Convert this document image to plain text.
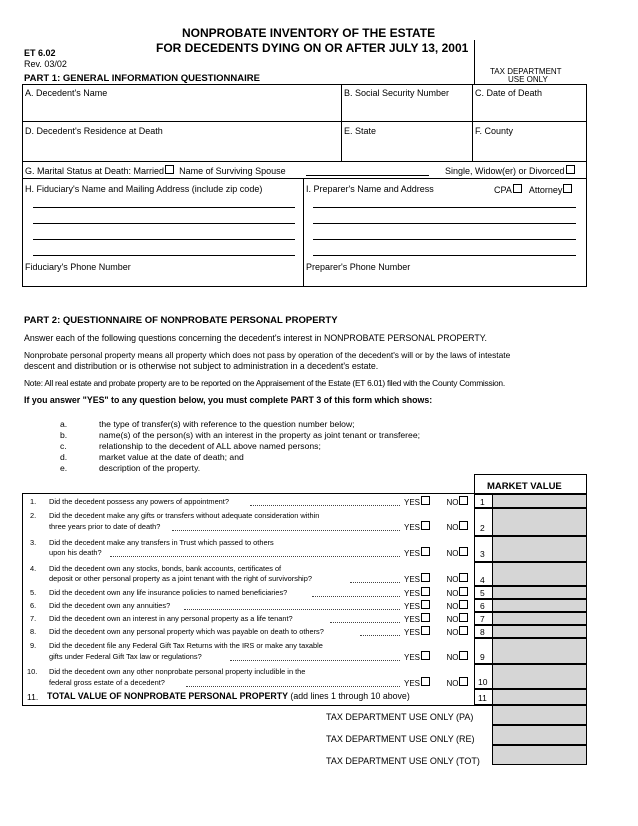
NONPROBATE INVENTORY OF THE ESTATE
FOR DECEDENTS DYING ON OR AFTER JULY 13, 2001
ET 6.02
Rev. 03/02
TAX DEPARTMENT
USE ONLY
PART 1: GENERAL INFORMATION QUESTIONNAIRE
A. Decedent's Name	B. Social Security Number	C. Date of Death
D. Decedent's Residence at Death	E. State	F. County
G. Marital Status at Death: Married Name of Surviving Spouse	Single, Widow(er) or Divorced
H. Fiduciary's Name and Mailing Address (include zip code)
Fiduciary's Phone Number
I. Preparer's Name and Address	CPA Attorney
Preparer's Phone Number
PART 2: QUESTIONNAIRE OF NONPROBATE PERSONAL PROPERTY
Answer each of the following questions concerning the decedent's interest in NONPROBATE PERSONAL PROPERTY.
Nonprobate personal property means all property which does not pass by operation of the decedent's will or by the laws of intestate
descent and distribution or is otherwise not subject to administration in a decedent's estate.
Note: All real estate and probate property are to be reported on the Appraisement of the Estate (ET 6.01) filed with the County Commission.
If you answer "YES" to any question below, you must complete PART 3 of this form which shows:
a.	the type of transfer(s) with reference to the question number below;
b.	name(s) of the person(s) with an interest in the property as joint tenant or transferee;
c.	relationship to the decedent of ALL above named persons;
d.	market value at the date of death; and
e.	description of the property.
MARKET VALUE
1. Did the decedent possess any powers of appointment?	YES	NO	1
2. Did the decedent make any gifts or transfers without adequate consideration within
three years prior to date of death?	YES	NO	2
3. Did the decedent make any transfers in Trust which passed to others
upon his death?	YES	NO	3
4. Did the decedent own any stocks, bonds, bank accounts, certificates of
deposit or other personal property as a joint tenant with the right of survivorship?	YES	NO	4
5. Did the decedent own any life insurance policies to named beneficiaries?	YES	NO	5
6. Did the decedent own any annuities?	YES	NO	6
7. Did the decedent own an interest in any personal property as a life tenant?	YES	NO	7
8. Did the decedent own any personal property which was payable on death to others?	YES	NO	8
9. Did the decedent file any Federal Gift Tax Returns with the IRS or make any taxable
gifts under Federal Gift Tax law or regulations?	YES	NO	9
10. Did the decedent own any other nonprobate personal property includible in the
federal gross estate of a decedent?	YES	NO	10
11. TOTAL VALUE OF NONPROBATE PERSONAL PROPERTY (add lines 1 through 10 above)	11
TAX DEPARTMENT USE ONLY (PA)
TAX DEPARTMENT USE ONLY (RE)
TAX DEPARTMENT USE ONLY (TOT)
